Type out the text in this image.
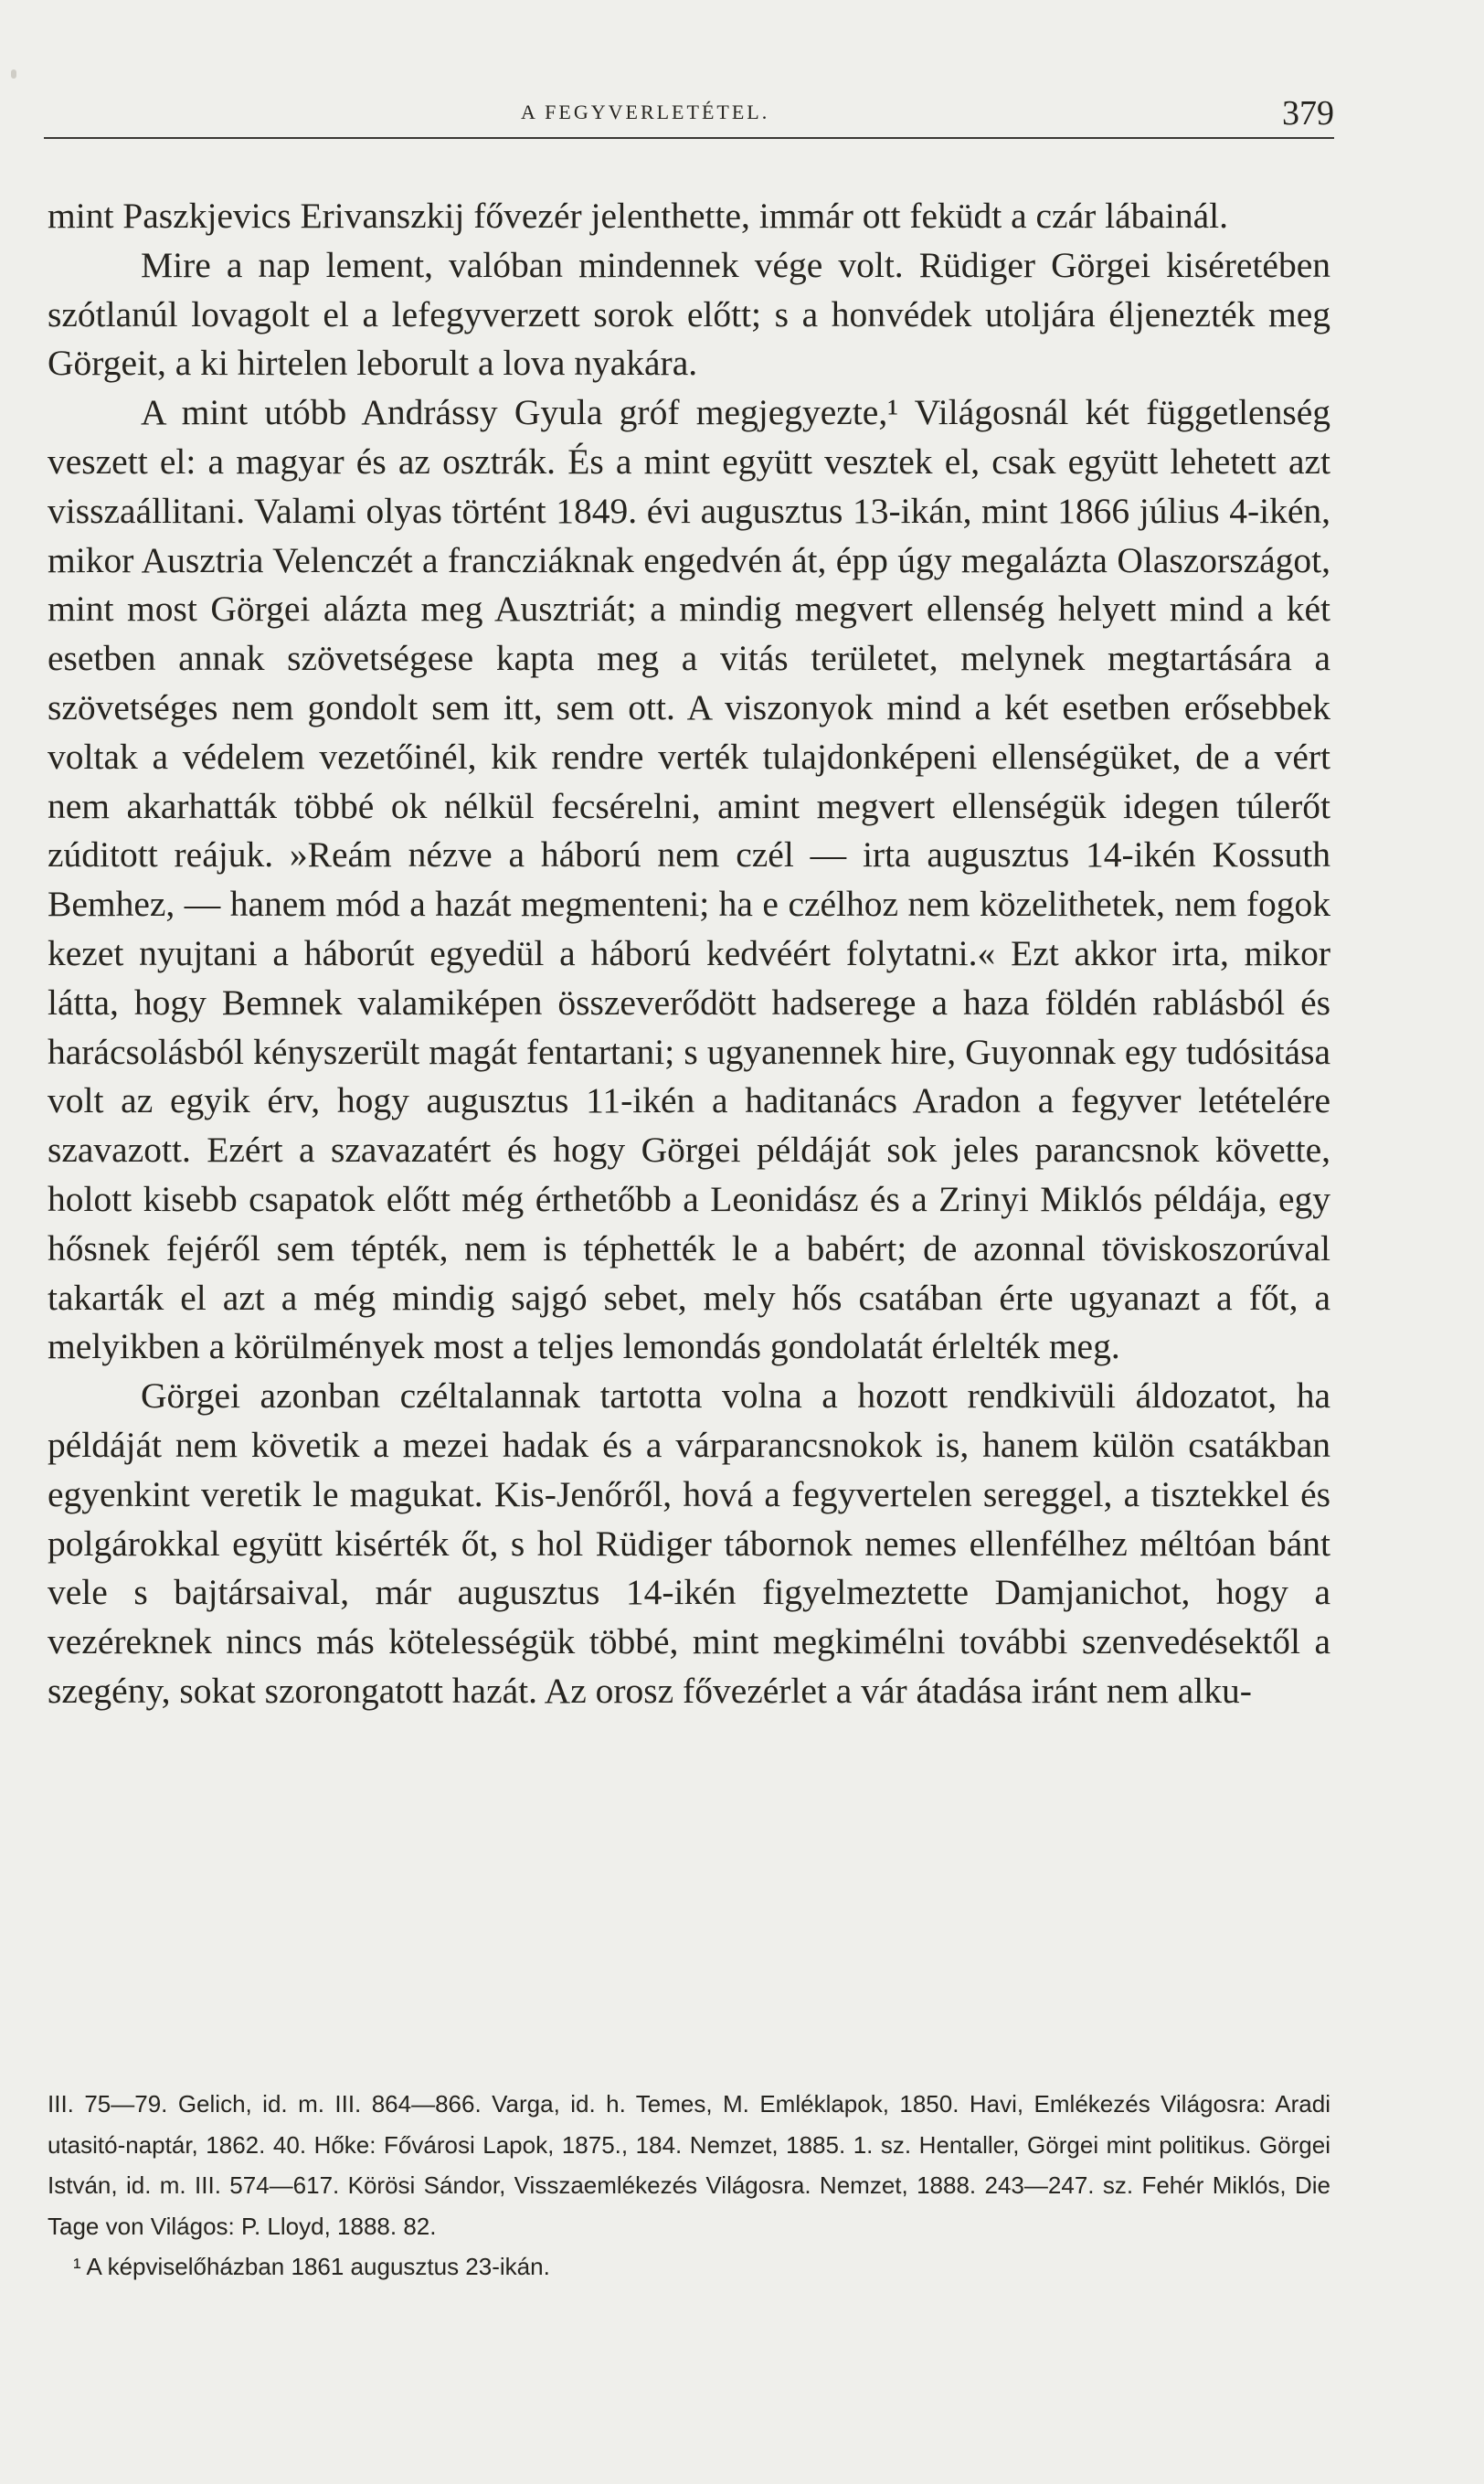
A FEGYVERLETÉTEL.	379

mint Paszkjevics Erivanszkij fővezér jelenthette, immár ott feküdt a czár lábainál.

Mire a nap lement, valóban mindennek vége volt. Rüdiger Görgei kiséretében szótlanúl lovagolt el a lefegyverzett sorok előtt; s a honvédek utoljára éljenezték meg Görgeit, a ki hirtelen leborult a lova nyakára.

A mint utóbb Andrássy Gyula gróf megjegyezte,¹ Világosnál két függetlenség veszett el: a magyar és az osztrák. És a mint együtt vesztek el, csak együtt lehetett azt visszaállitani. Valami olyas történt 1849. évi augusztus 13-ikán, mint 1866 július 4-ikén, mikor Ausztria Velenczét a francziáknak engedvén át, épp úgy megalázta Olaszországot, mint most Görgei alázta meg Ausztriát; a mindig megvert ellenség helyett mind a két esetben annak szövetségese kapta meg a vitás területet, melynek megtartására a szövetséges nem gondolt sem itt, sem ott. A viszonyok mind a két esetben erősebbek voltak a védelem vezetőinél, kik rendre verték tulajdonképeni ellenségüket, de a vért nem akarhatták többé ok nélkül fecsérelni, amint megvert ellenségük idegen túlerőt zúditott reájuk. »Reám nézve a háború nem czél — irta augusztus 14-ikén Kossuth Bemhez, — hanem mód a hazát megmenteni; ha e czélhoz nem közelithetek, nem fogok kezet nyujtani a háborút egyedül a háború kedvéért folytatni.« Ezt akkor irta, mikor látta, hogy Bemnek valamiképen összeverődött hadserege a haza földén rablásból és harácsolásból kényszerült magát fentartani; s ugyanennek hire, Guyonnak egy tudósitása volt az egyik érv, hogy augusztus 11-ikén a haditanács Aradon a fegyver letételére szavazott. Ezért a szavazatért és hogy Görgei példáját sok jeles parancsnok követte, holott kisebb csapatok előtt még érthetőbb a Leonidász és a Zrinyi Miklós példája, egy hősnek fejéről sem tépték, nem is téphették le a babért; de azonnal töviskoszorúval takarták el azt a még mindig sajgó sebet, mely hős csatában érte ugyanazt a főt, a melyikben a körülmények most a teljes lemondás gondolatát érlelték meg.

Görgei azonban czéltalannak tartotta volna a hozott rendkivüli áldozatot, ha példáját nem követik a mezei hadak és a várparancsnokok is, hanem külön csatákban egyenkint veretik le magukat. Kis-Jenőről, hová a fegyvertelen sereggel, a tisztekkel és polgárokkal együtt kisérték őt, s hol Rüdiger tábornok nemes ellenfélhez méltóan bánt vele s bajtársaival, már augusztus 14-ikén figyelmeztette Damjanichot, hogy a vezéreknek nincs más kötelességük többé, mint megkimélni további szenvedésektől a szegény, sokat szorongatott hazát. Az orosz fővezérlet a vár átadása iránt nem alku-

III. 75—79. Gelich, id. m. III. 864—866. Varga, id. h. Temes, M. Emléklapok, 1850. Havi, Emlékezés Világosra: Aradi utasitó-naptár, 1862. 40. Hőke: Fővárosi Lapok, 1875., 184. Nemzet, 1885. 1. sz. Hentaller, Görgei mint politikus. Görgei István, id. m. III. 574—617. Körösi Sándor, Visszaemlékezés Világosra. Nemzet, 1888. 243—247. sz. Fehér Miklós, Die Tage von Világos: P. Lloyd, 1888. 82.

¹ A képviselőházban 1861 augusztus 23-ikán.
